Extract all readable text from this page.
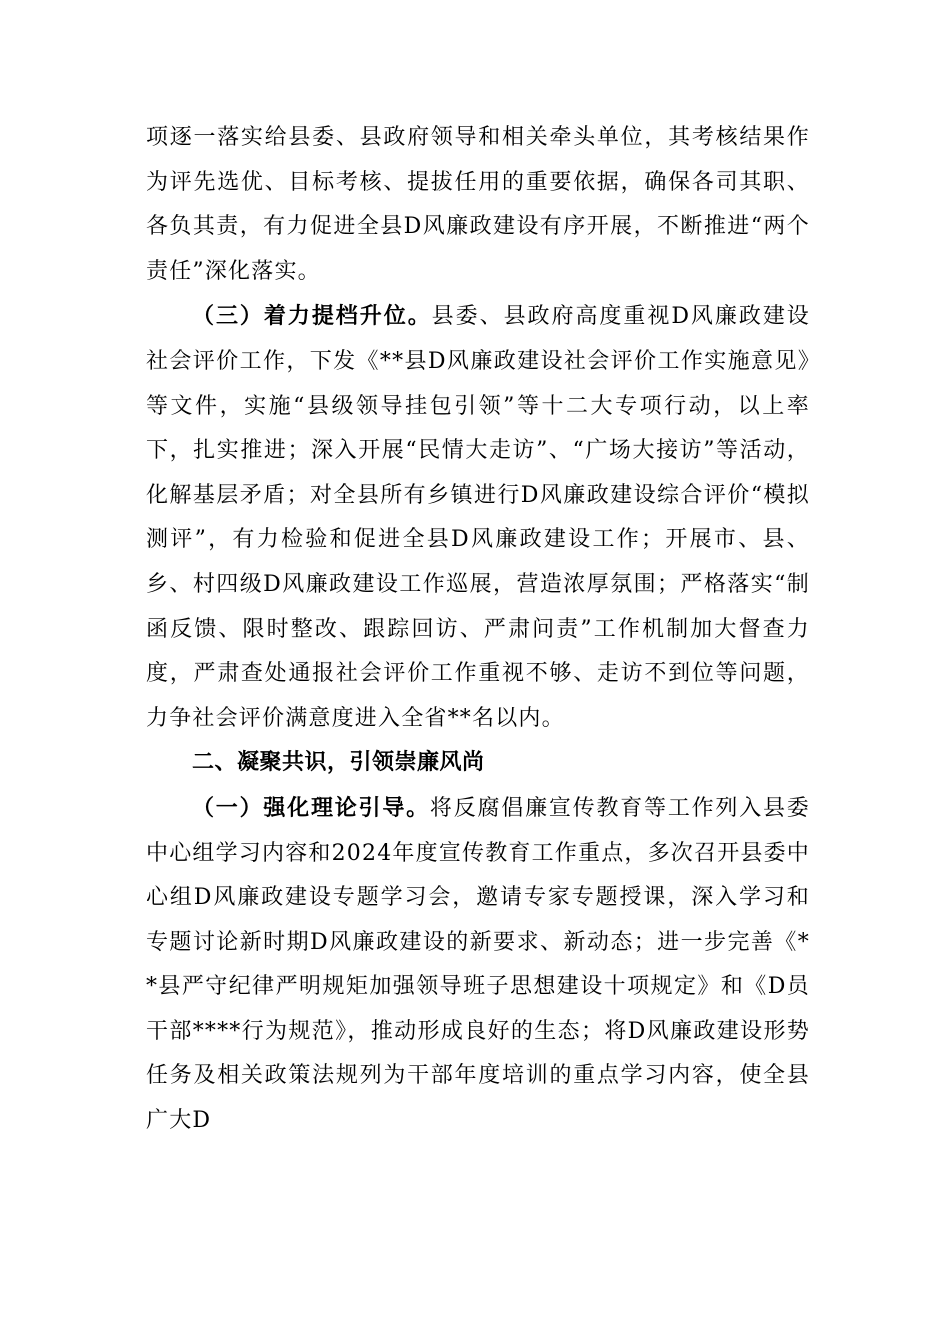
项逐一落实给县委、县政府领导和相关牵头单位，其考核结果作为评先选优、目标考核、提拔任用的重要依据，确保各司其职、各负其责，有力促进全县D风廉政建设有序开展，不断推进“两个责任”深化落实。

（三）着力提档升位。县委、县政府高度重视D风廉政建设社会评价工作，下发《**县D风廉政建设社会评价工作实施意见》等文件，实施“县级领导挂包引领”等十二大专项行动，以上率下，扎实推进；深入开展“民情大走访”、“广场大接访”等活动，化解基层矛盾；对全县所有乡镇进行D风廉政建设综合评价“模拟测评”，有力检验和促进全县D风廉政建设工作；开展市、县、乡、村四级D风廉政建设工作巡展，营造浓厚氛围；严格落实“制函反馈、限时整改、跟踪回访、严肃问责”工作机制加大督查力度，严肃查处通报社会评价工作重视不够、走访不到位等问题，力争社会评价满意度进入全省**名以内。

二、凝聚共识，引领崇廉风尚

（一）强化理论引导。将反腐倡廉宣传教育等工作列入县委中心组学习内容和2024年度宣传教育工作重点，多次召开县委中心组D风廉政建设专题学习会，邀请专家专题授课，深入学习和专题讨论新时期D风廉政建设的新要求、新动态；进一步完善《**县严守纪律严明规矩加强领导班子思想建设十项规定》和《D员干部****行为规范》，推动形成良好的生态；将D风廉政建设形势任务及相关政策法规列为干部年度培训的重点学习内容，使全县广大D
